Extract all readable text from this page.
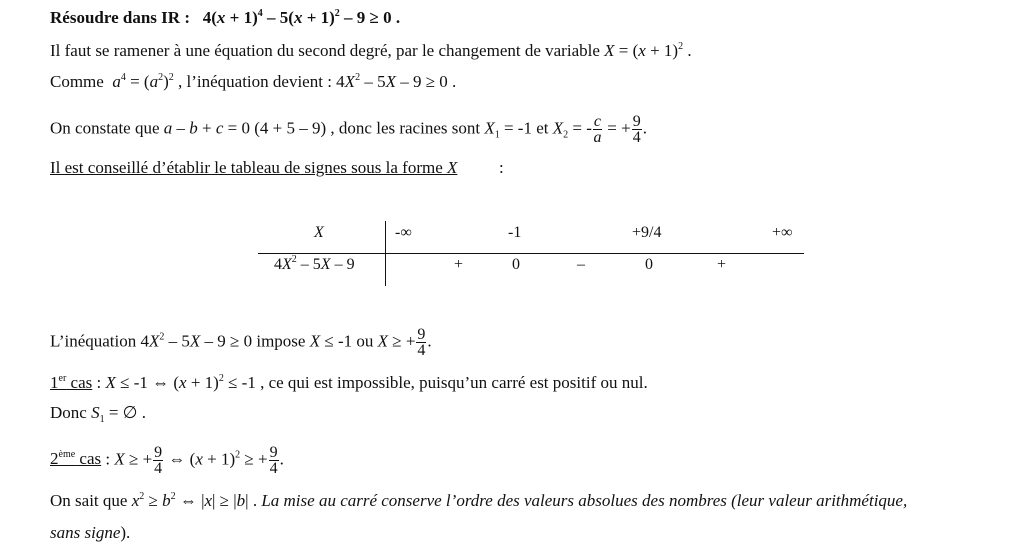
Résoudre dans IR : $4(x + 1)^4 - 5(x + 1)^2 - 9 \ge 0$ .
Il faut se ramener à une équation du second degré, par le changement de variable $X = (x + 1)^2$ .
Comme  $a^4 = (a^2)^2$ , l’inéquation devient : $4X^2 - 5X - 9 \ge 0$ .
On constate que a – b + c = 0 (4 + 5 – 9) , donc les racines sont $X_1 = -1$ et $X_2$ = - $\frac{c}{a}$ = + $\frac{9}{4}$ .
Il est conseillé d’établir le tableau de signes sous la forme X :
X	-∞	-1	+9/4	+∞
$4X^2 - 5X - 9$	+	0	–	0	+
L’inéquation $4X^2 - 5X - 9 \ge 0$ impose X ≤ -1 ou X ≥ + $\frac{9}{4}$ .
1er cas : X ≤ -1 ⇔ $(x + 1)^2 \le -1$ , ce qui est impossible, puisqu’un carré est positif ou nul.
Donc $S_1$ = ∅ .
2ème cas : X ≥ + $\frac{9}{4}$ ⇔ $(x + 1)^2$ ≥ + $\frac{9}{4}$ .
On sait que $x^2 \ge b^2$ ⇔ |x| ≥ |b| . La mise au carré conserve l’ordre des valeurs absolues des nombres (leur valeur arithmétique,
sans signe).
